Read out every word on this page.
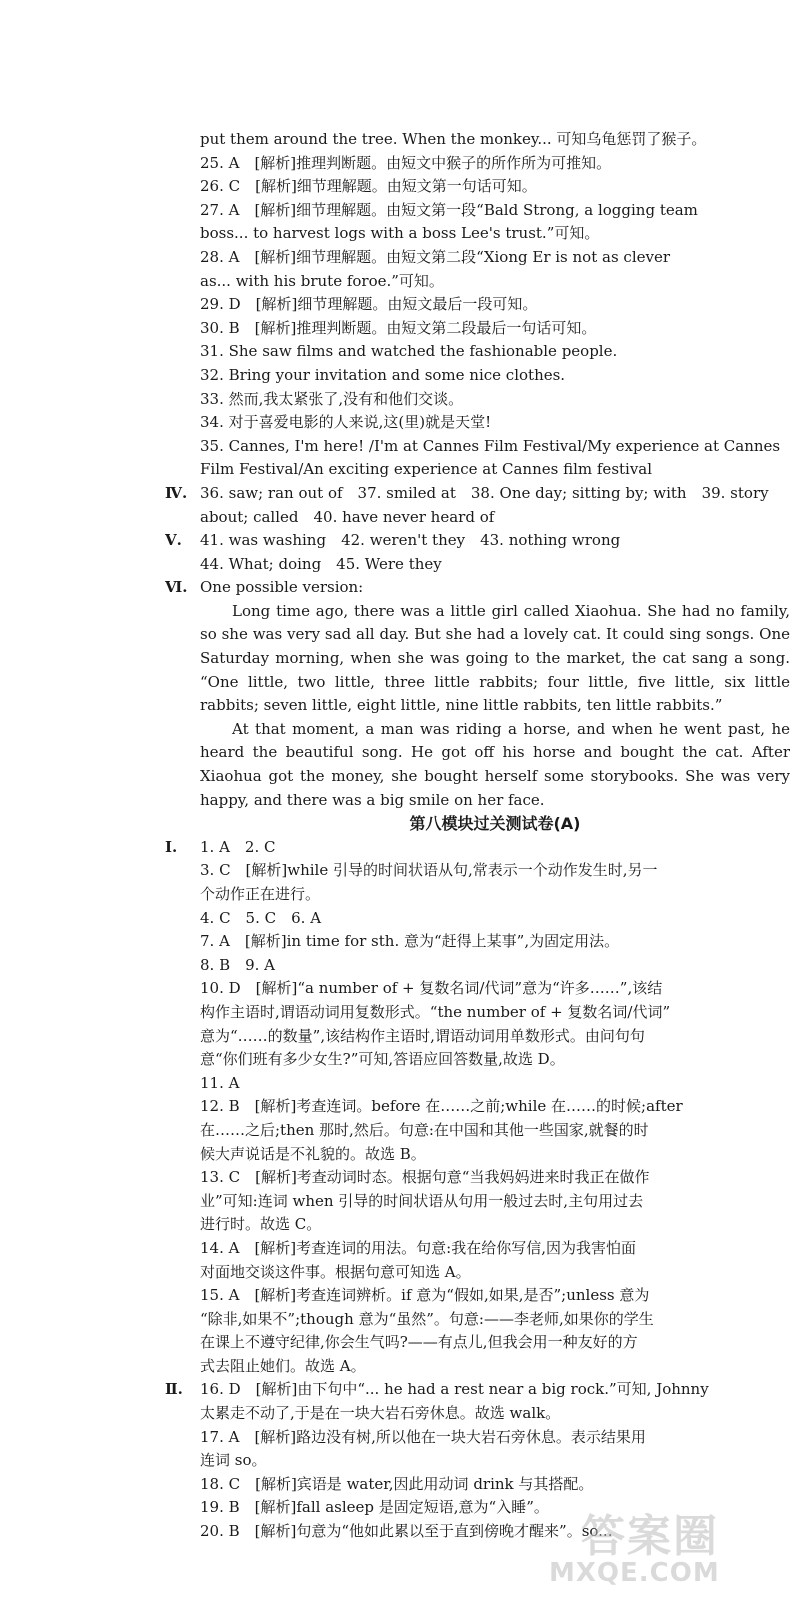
put them around the tree. When the monkey... 可知乌龟惩罚了猴子。
25. A　[解析]推理判断题。由短文中猴子的所作所为可推知。
26. C　[解析]细节理解题。由短文第一句话可知。
27. A　[解析]细节理解题。由短文第一段“Bald Strong, a logging team
boss... to harvest logs with a boss Lee's trust.”可知。
28. A　[解析]细节理解题。由短文第二段“Xiong Er is not as clever
as... with his brute foroe.”可知。
29. D　[解析]细节理解题。由短文最后一段可知。
30. B　[解析]推理判断题。由短文第二段最后一句话可知。
31. She saw films and watched the fashionable people.
32. Bring your invitation and some nice clothes.
33. 然而,我太紧张了,没有和他们交谈。
34. 对于喜爱电影的人来说,这(里)就是天堂!
35. Cannes, I'm here! /I'm at Cannes Film Festival/My experience at Cannes
Film Festival/An exciting experience at Cannes film festival
Ⅳ. 36. saw; ran out of　37. smiled at　38. One day; sitting by; with　39. story
about; called　40. have never heard of
Ⅴ.	41. was washing　42. weren't they　43. nothing wrong
44. What; doing　45. Were they
Ⅵ. One possible version:
Long time ago, there was a little girl called Xiaohua. She had no family, so she was very sad all day. But she had a lovely cat. It could sing songs. One Saturday morning, when she was going to the market, the cat sang a song. “One little, two little, three little rabbits; four little, five little, six little rabbits; seven little, eight little, nine little rabbits, ten little rabbits.”
At that moment, a man was riding a horse, and when he went past, he heard the beautiful song. He got off his horse and bought the cat. After Xiaohua got the money, she bought herself some storybooks. She was very happy, and there was a big smile on her face.
第八模块过关测试卷(A)
Ⅰ.	1. A　2. C
3. C　[解析]while 引导的时间状语从句,常表示一个动作发生时,另一
个动作正在进行。
4. C　5. C　6. A
7. A　[解析]in time for sth. 意为“赶得上某事”,为固定用法。
8. B　9. A
10. D　[解析]“a number of + 复数名词/代词”意为“许多……”,该结
构作主语时,谓语动词用复数形式。“the number of + 复数名词/代词”
意为“……的数量”,该结构作主语时,谓语动词用单数形式。由问句句
意“你们班有多少女生?”可知,答语应回答数量,故选 D。
11. A
12. B　[解析]考查连词。before 在……之前;while 在……的时候;after
在……之后;then 那时,然后。句意:在中国和其他一些国家,就餐的时
候大声说话是不礼貌的。故选 B。
13. C　[解析]考查动词时态。根据句意“当我妈妈进来时我正在做作
业”可知:连词 when 引导的时间状语从句用一般过去时,主句用过去
进行时。故选 C。
14. A　[解析]考查连词的用法。句意:我在给你写信,因为我害怕面
对面地交谈这件事。根据句意可知选 A。
15. A　[解析]考查连词辨析。if 意为“假如,如果,是否”;unless 意为
“除非,如果不”;though 意为“虽然”。句意:——李老师,如果你的学生
在课上不遵守纪律,你会生气吗?——有点儿,但我会用一种友好的方
式去阻止她们。故选 A。
Ⅱ.	16. D　[解析]由下句中“... he had a rest near a big rock.”可知, Johnny
太累走不动了,于是在一块大岩石旁休息。故选 walk。
17. A　[解析]路边没有树,所以他在一块大岩石旁休息。表示结果用
连词 so。
18. C　[解析]宾语是 water,因此用动词 drink 与其搭配。
19. B　[解析]fall asleep 是固定短语,意为“入睡”。
20. B　[解析]句意为“他如此累以至于直到傍晚才醒来”。so...
答案圈
MXQE.COM
